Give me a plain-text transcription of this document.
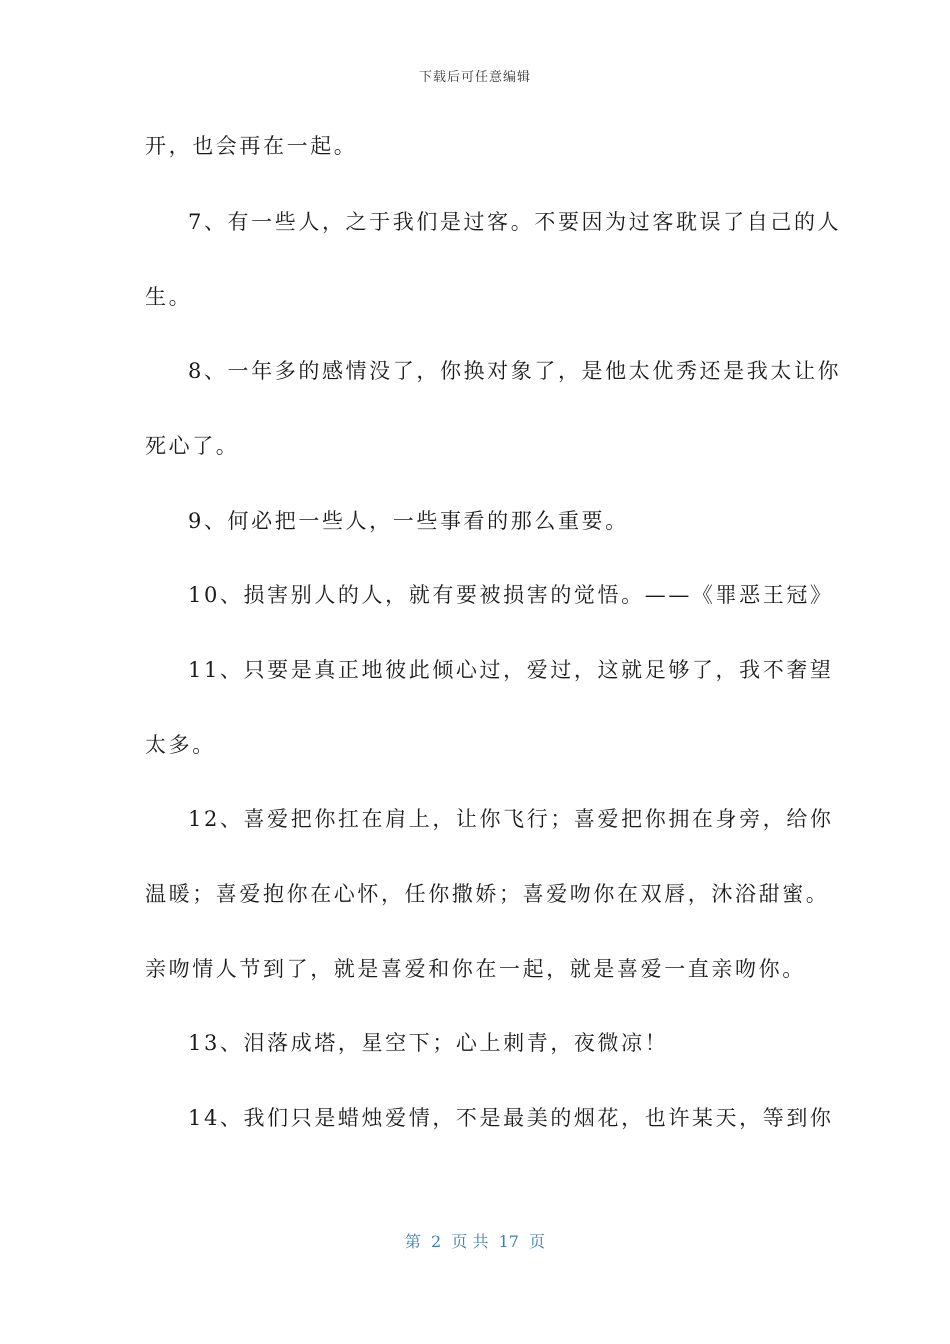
下载后可任意编辑
开，也会再在一起。
7、有一些人，之于我们是过客。不要因为过客耽误了自己的人
生。
8、一年多的感情没了，你换对象了，是他太优秀还是我太让你
死心了。
9、何必把一些人，一些事看的那么重要。
10、损害别人的人，就有要被损害的觉悟。——《罪恶王冠》
11、只要是真正地彼此倾心过，爱过，这就足够了，我不奢望
太多。
12、喜爱把你扛在肩上，让你飞行；喜爱把你拥在身旁，给你
温暖；喜爱抱你在心怀，任你撒娇；喜爱吻你在双唇，沐浴甜蜜。
亲吻情人节到了，就是喜爱和你在一起，就是喜爱一直亲吻你。
13、泪落成塔，星空下；心上刺青，夜微凉！
14、我们只是蜡烛爱情，不是最美的烟花，也许某天，等到你
第  2  页 共  17  页
